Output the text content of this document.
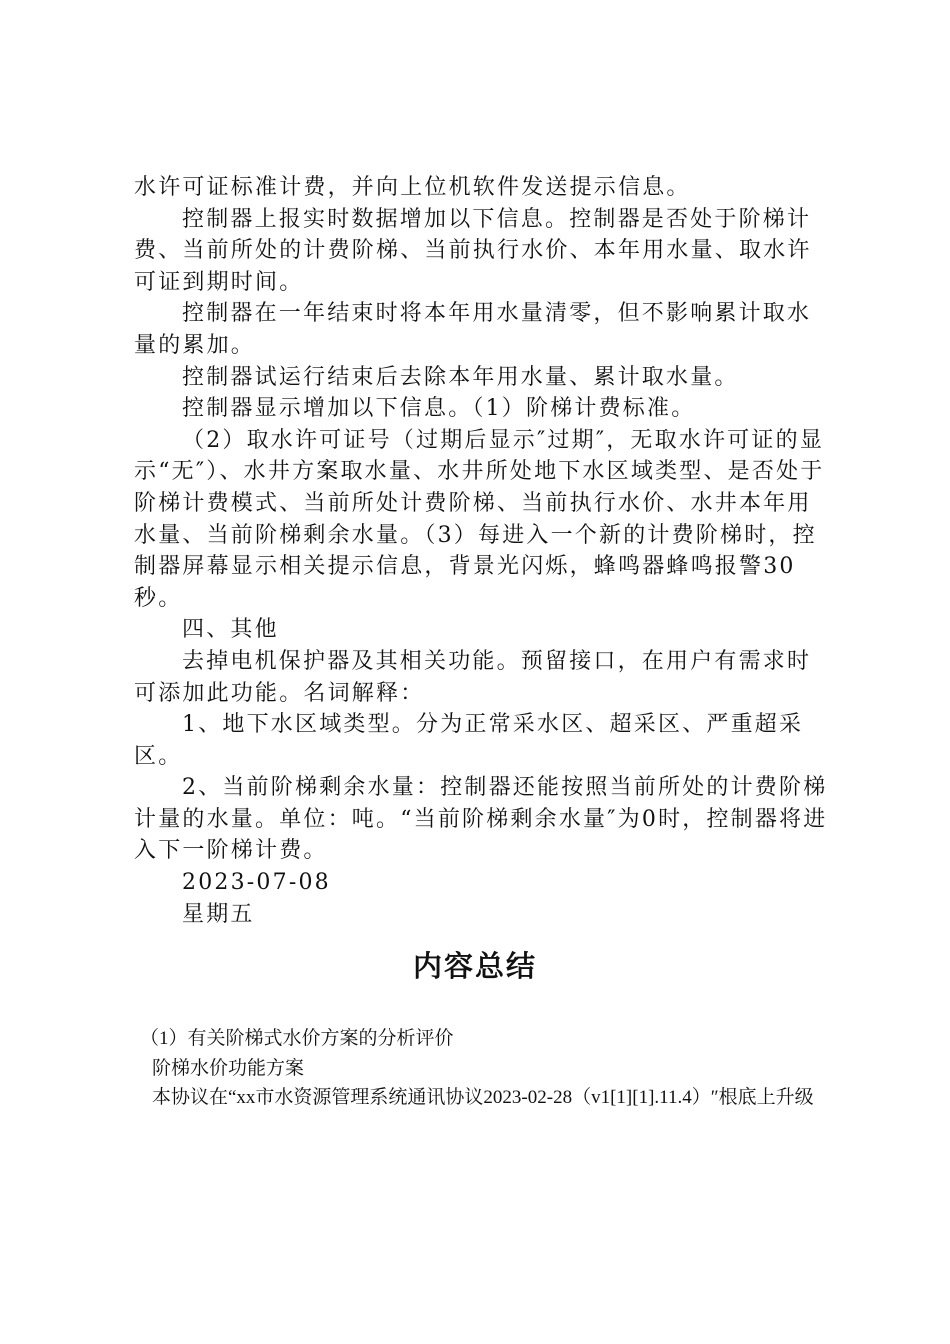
水许可证标准计费，并向上位机软件发送提示信息。

控制器上报实时数据增加以下信息。控制器是否处于阶梯计费、当前所处的计费阶梯、当前执行水价、本年用水量、取水许可证到期时间。

控制器在一年结束时将本年用水量清零，但不影响累计取水量的累加。

控制器试运行结束后去除本年用水量、累计取水量。

控制器显示增加以下信息。（1）阶梯计费标准。

（2）取水许可证号（过期后显示″过期″，无取水许可证的显示“无″）、水井方案取水量、水井所处地下水区域类型、是否处于阶梯计费模式、当前所处计费阶梯、当前执行水价、水井本年用水量、当前阶梯剩余水量。（3）每进入一个新的计费阶梯时，控制器屏幕显示相关提示信息，背景光闪烁，蜂鸣器蜂鸣报警30秒。

四、其他

去掉电机保护器及其相关功能。预留接口，在用户有需求时可添加此功能。名词解释：

1、地下水区域类型。分为正常采水区、超采区、严重超采区。

2、当前阶梯剩余水量：控制器还能按照当前所处的计费阶梯计量的水量。单位：吨。“当前阶梯剩余水量″为0时，控制器将进入下一阶梯计费。

2023-07-08

星期五

内容总结

（1）有关阶梯式水价方案的分析评价

阶梯水价功能方案

本协议在“xx市水资源管理系统通讯协议2023-02-28（v1[1][1].11.4）″根底上升级
